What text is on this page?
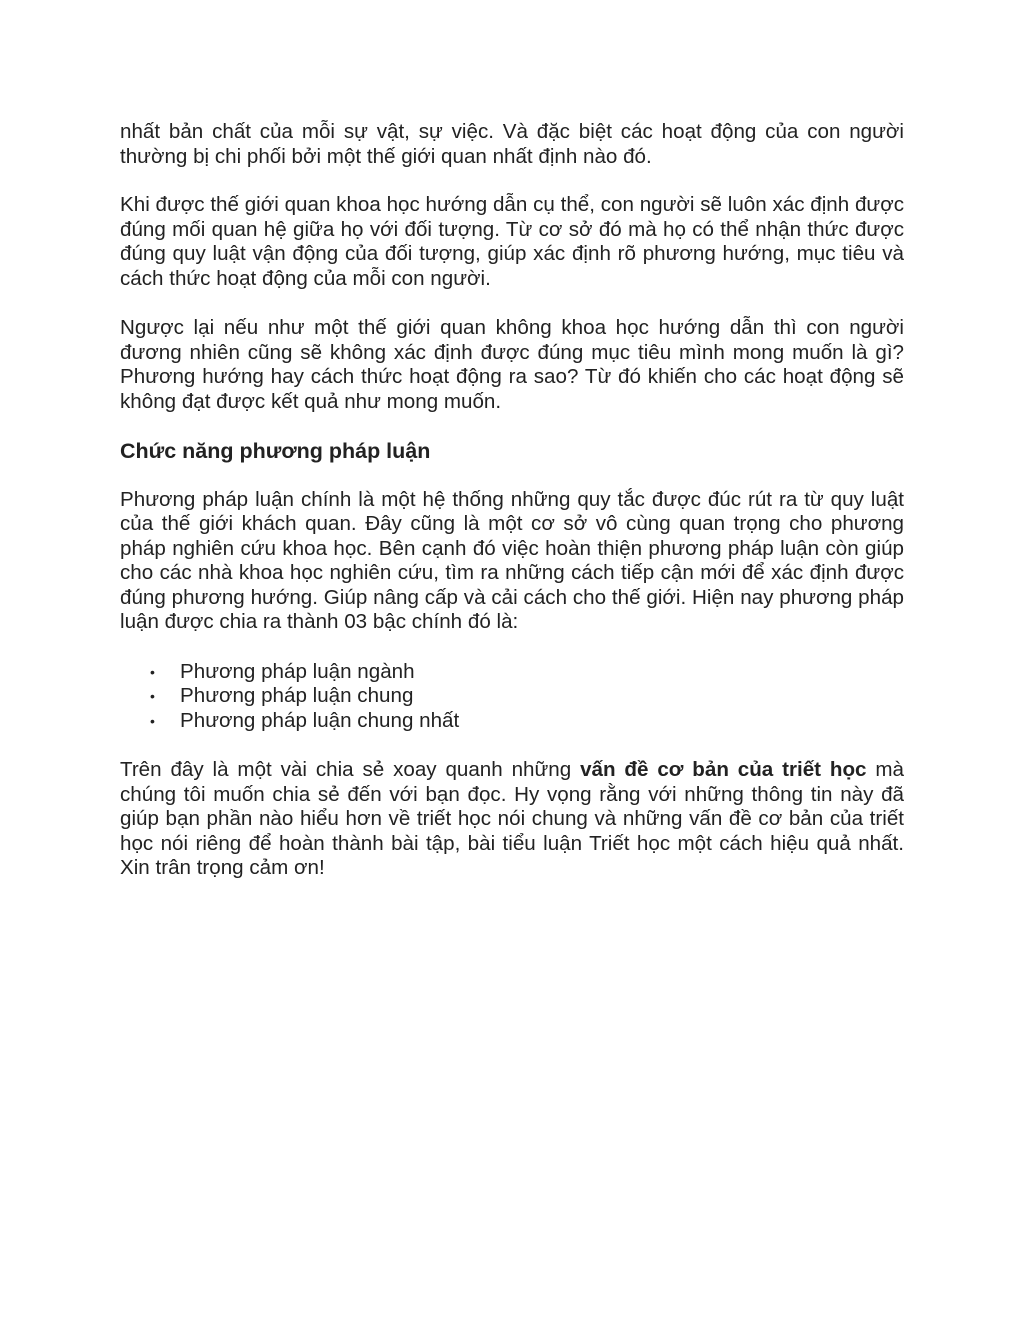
nhất bản chất của mỗi sự vật, sự việc. Và đặc biệt các hoạt động của con người thường bị chi phối bởi một thế giới quan nhất định nào đó.

Khi được thế giới quan khoa học hướng dẫn cụ thể, con người sẽ luôn xác định được đúng mối quan hệ giữa họ với đối tượng. Từ cơ sở đó mà họ có thể nhận thức được đúng quy luật vận động của đối tượng, giúp xác định rõ phương hướng, mục tiêu và cách thức hoạt động của mỗi con người.

Ngược lại nếu như một thế giới quan không khoa học hướng dẫn thì con người đương nhiên cũng sẽ không xác định được đúng mục tiêu mình mong muốn là gì? Phương hướng hay cách thức hoạt động ra sao? Từ đó khiến cho các hoạt động sẽ không đạt được kết quả như mong muốn.

Chức năng phương pháp luận

Phương pháp luận chính là một hệ thống những quy tắc được đúc rút ra từ quy luật của thế giới khách quan. Đây cũng là một cơ sở vô cùng quan trọng cho phương pháp nghiên cứu khoa học. Bên cạnh đó việc hoàn thiện phương pháp luận còn giúp cho các nhà khoa học nghiên cứu, tìm ra những cách tiếp cận mới để xác định được đúng phương hướng. Giúp nâng cấp và cải cách cho thế giới. Hiện nay phương pháp luận được chia ra thành 03 bậc chính đó là:

• Phương pháp luận ngành
• Phương pháp luận chung
• Phương pháp luận chung nhất

Trên đây là một vài chia sẻ xoay quanh những vấn đề cơ bản của triết học mà chúng tôi muốn chia sẻ đến với bạn đọc. Hy vọng rằng với những thông tin này đã giúp bạn phần nào hiểu hơn về triết học nói chung và những vấn đề cơ bản của triết học nói riêng để hoàn thành bài tập, bài tiểu luận Triết học một cách hiệu quả nhất. Xin trân trọng cảm ơn!
